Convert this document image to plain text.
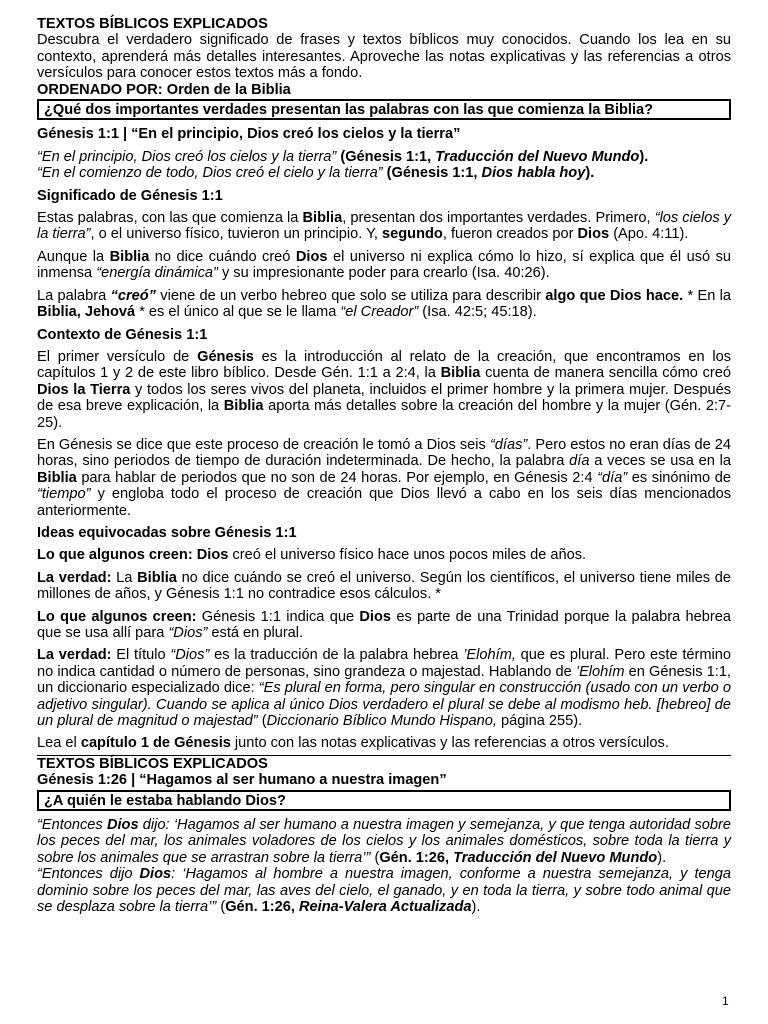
TEXTOS BÍBLICOS EXPLICADOS

Descubra el verdadero significado de frases y textos bíblicos muy conocidos. Cuando los lea en su contexto, aprenderá más detalles interesantes. Aproveche las notas explicativas y las referencias a otros versículos para conocer estos textos más a fondo.

ORDENADO POR: Orden de la Biblia
¿Qué dos importantes verdades presentan las palabras con las que comienza la Biblia?
Génesis 1:1 | “En el principio, Dios creó los cielos y la tierra”

“En el principio, Dios creó los cielos y la tierra” (Génesis 1:1, Traducción del Nuevo Mundo).

“En el comienzo de todo, Dios creó el cielo y la tierra” (Génesis 1:1, Dios habla hoy).

Significado de Génesis 1:1

Estas palabras, con las que comienza la Biblia, presentan dos importantes verdades. Primero, “los cielos y la tierra”, o el universo físico, tuvieron un principio. Y, segundo, fueron creados por Dios (Apo. 4:11).

Aunque la Biblia no dice cuándo creó Dios el universo ni explica cómo lo hizo, sí explica que él usó su inmensa “energía dinámica” y su impresionante poder para crearlo (Isa. 40:26).

La palabra “creó” viene de un verbo hebreo que solo se utiliza para describir algo que Dios hace. * En la Biblia, Jehová * es el único al que se le llama “el Creador” (Isa. 42:5; 45:18).

Contexto de Génesis 1:1

El primer versículo de Génesis es la introducción al relato de la creación, que encontramos en los capítulos 1 y 2 de este libro bíblico. Desde Gén. 1:1 a 2:4, la Biblia cuenta de manera sencilla cómo creó Dios la Tierra y todos los seres vivos del planeta, incluidos el primer hombre y la primera mujer. Después de esa breve explicación, la Biblia aporta más detalles sobre la creación del hombre y la mujer (Gén. 2:7-25).

En Génesis se dice que este proceso de creación le tomó a Dios seis “días”. Pero estos no eran días de 24 horas, sino periodos de tiempo de duración indeterminada. De hecho, la palabra día a veces se usa en la Biblia para hablar de periodos que no son de 24 horas. Por ejemplo, en Génesis 2:4 “día” es sinónimo de “tiempo” y engloba todo el proceso de creación que Dios llevó a cabo en los seis días mencionados anteriormente.

Ideas equivocadas sobre Génesis 1:1

Lo que algunos creen: Dios creó el universo físico hace unos pocos miles de años.

La verdad: La Biblia no dice cuándo se creó el universo. Según los científicos, el universo tiene miles de millones de años, y Génesis 1:1 no contradice esos cálculos. *

Lo que algunos creen: Génesis 1:1 indica que Dios es parte de una Trinidad porque la palabra hebrea que se usa allí para “Dios” está en plural.

La verdad: El título “Dios” es la traducción de la palabra hebrea ’Elohím, que es plural. Pero este término no indica cantidad o número de personas, sino grandeza o majestad. Hablando de ’Elohím en Génesis 1:1, un diccionario especializado dice: “Es plural en forma, pero singular en construcción (usado con un verbo o adjetivo singular). Cuando se aplica al único Dios verdadero el plural se debe al modismo heb. [hebreo] de un plural de magnitud o majestad” (Diccionario Bíblico Mundo Hispano, página 255).

Lea el capítulo 1 de Génesis junto con las notas explicativas y las referencias a otros versículos.

TEXTOS BÍBLICOS EXPLICADOS
Génesis 1:26 | “Hagamos al ser humano a nuestra imagen”
¿A quién le estaba hablando Dios?

“Entonces Dios dijo: ‘Hagamos al ser humano a nuestra imagen y semejanza, y que tenga autoridad sobre los peces del mar, los animales voladores de los cielos y los animales domésticos, sobre toda la tierra y sobre los animales que se arrastran sobre la tierra’” (Gén. 1:26, Traducción del Nuevo Mundo).

“Entonces dijo Dios: ‘Hagamos al hombre a nuestra imagen, conforme a nuestra semejanza, y tenga dominio sobre los peces del mar, las aves del cielo, el ganado, y en toda la tierra, y sobre todo animal que se desplaza sobre la tierra’” (Gén. 1:26, Reina-Valera Actualizada).

1
